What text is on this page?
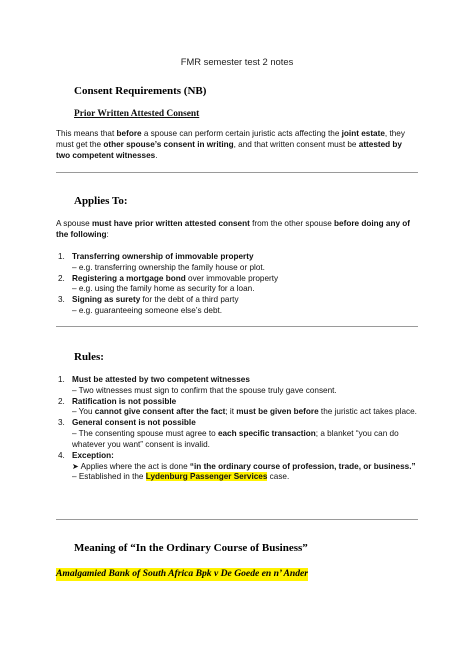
FMR semester test 2 notes
Consent Requirements (NB)
Prior Written Attested Consent
This means that before a spouse can perform certain juristic acts affecting the joint estate, they must get the other spouse’s consent in writing, and that written consent must be attested by two competent witnesses.
Applies To:
A spouse must have prior written attested consent from the other spouse before doing any of the following:
1. Transferring ownership of immovable property
– e.g. transferring ownership the family house or plot.
2. Registering a mortgage bond over immovable property
– e.g. using the family home as security for a loan.
3. Signing as surety for the debt of a third party
– e.g. guaranteeing someone else’s debt.
Rules:
1. Must be attested by two competent witnesses
– Two witnesses must sign to confirm that the spouse truly gave consent.
2. Ratification is not possible
– You cannot give consent after the fact; it must be given before the juristic act takes place.
3. General consent is not possible
– The consenting spouse must agree to each specific transaction; a blanket “you can do whatever you want” consent is invalid.
4. Exception:
➤ Applies where the act is done “in the ordinary course of profession, trade, or business.”
– Established in the Lydenburg Passenger Services case.
Meaning of “In the Ordinary Course of Business”
Amalgamied Bank of South Africa Bpk v De Goede en n’ Ander
